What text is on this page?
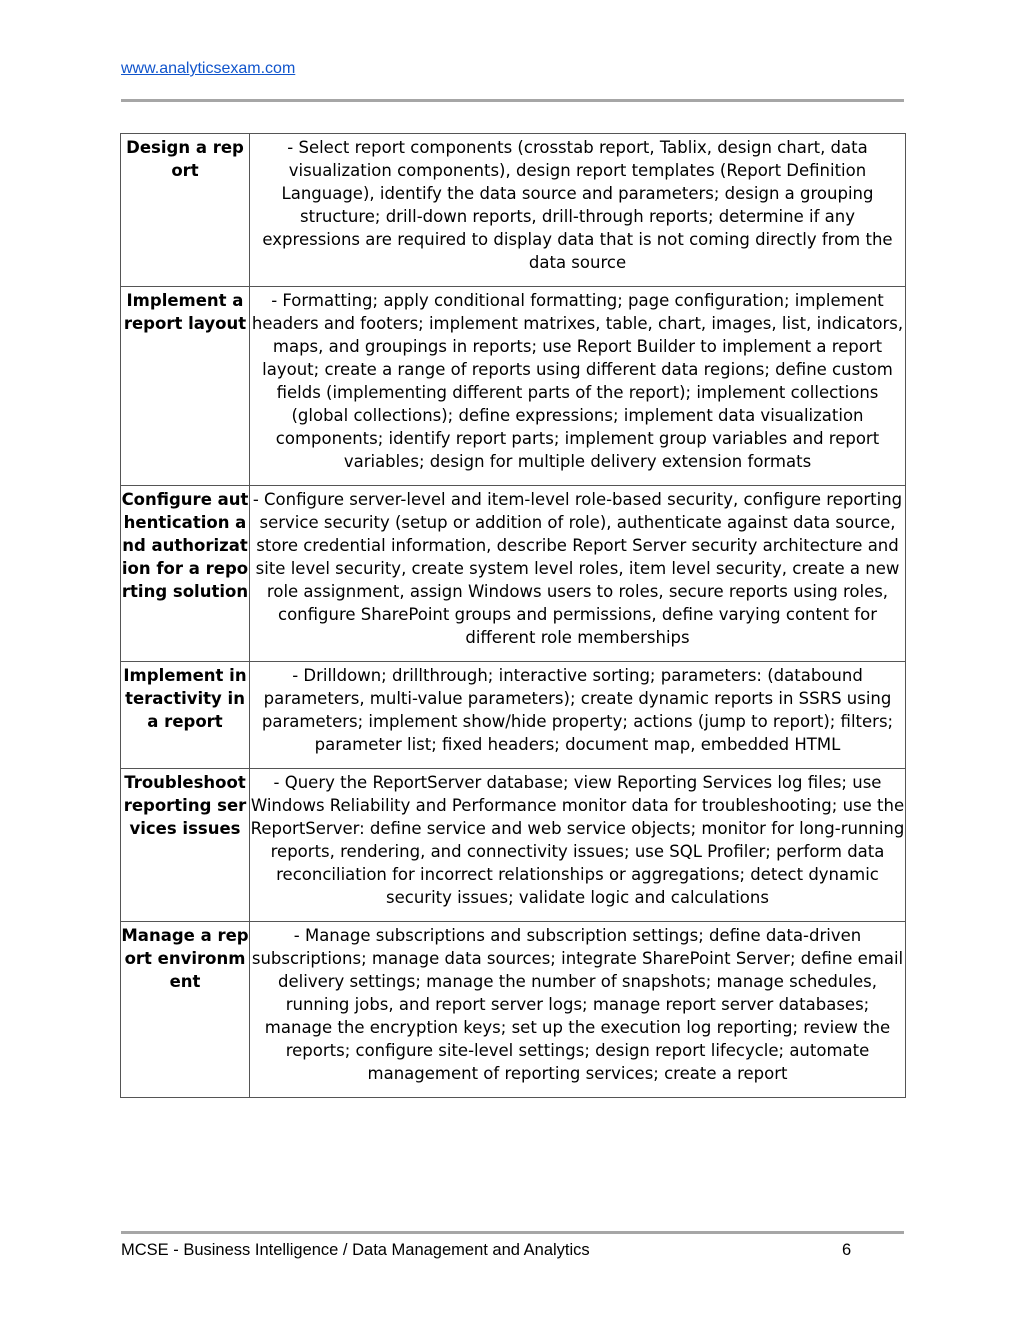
www.analyticsexam.com
Design a report	- Select report components (crosstab report, Tablix, design chart, data visualization components), design report templates (Report Definition Language), identify the data source and parameters; design a grouping structure; drill-down reports, drill-through reports; determine if any expressions are required to display data that is not coming directly from the data source
Implement a report layout	- Formatting; apply conditional formatting; page configuration; implement headers and footers; implement matrixes, table, chart, images, list, indicators, maps, and groupings in reports; use Report Builder to implement a report layout; create a range of reports using different data regions; define custom fields (implementing different parts of the report); implement collections (global collections); define expressions; implement data visualization components; identify report parts; implement group variables and report variables; design for multiple delivery extension formats
Configure authentication and authorization for a reporting solution	- Configure server-level and item-level role-based security, configure reporting service security (setup or addition of role), authenticate against data source, store credential information, describe Report Server security architecture and site level security, create system level roles, item level security, create a new role assignment, assign Windows users to roles, secure reports using roles, configure SharePoint groups and permissions, define varying content for different role memberships
Implement interactivity in a report	- Drilldown; drillthrough; interactive sorting; parameters: (databound parameters, multi-value parameters); create dynamic reports in SSRS using parameters; implement show/hide property; actions (jump to report); filters; parameter list; fixed headers; document map, embedded HTML
Troubleshoot reporting services issues	- Query the ReportServer database; view Reporting Services log files; use Windows Reliability and Performance monitor data for troubleshooting; use the ReportServer: define service and web service objects; monitor for long-running reports, rendering, and connectivity issues; use SQL Profiler; perform data reconciliation for incorrect relationships or aggregations; detect dynamic security issues; validate logic and calculations
Manage a report environment	- Manage subscriptions and subscription settings; define data-driven subscriptions; manage data sources; integrate SharePoint Server; define email delivery settings; manage the number of snapshots; manage schedules, running jobs, and report server logs; manage report server databases; manage the encryption keys; set up the execution log reporting; review the reports; configure site-level settings; design report lifecycle; automate management of reporting services; create a report
MCSE - Business Intelligence / Data Management and Analytics	6
